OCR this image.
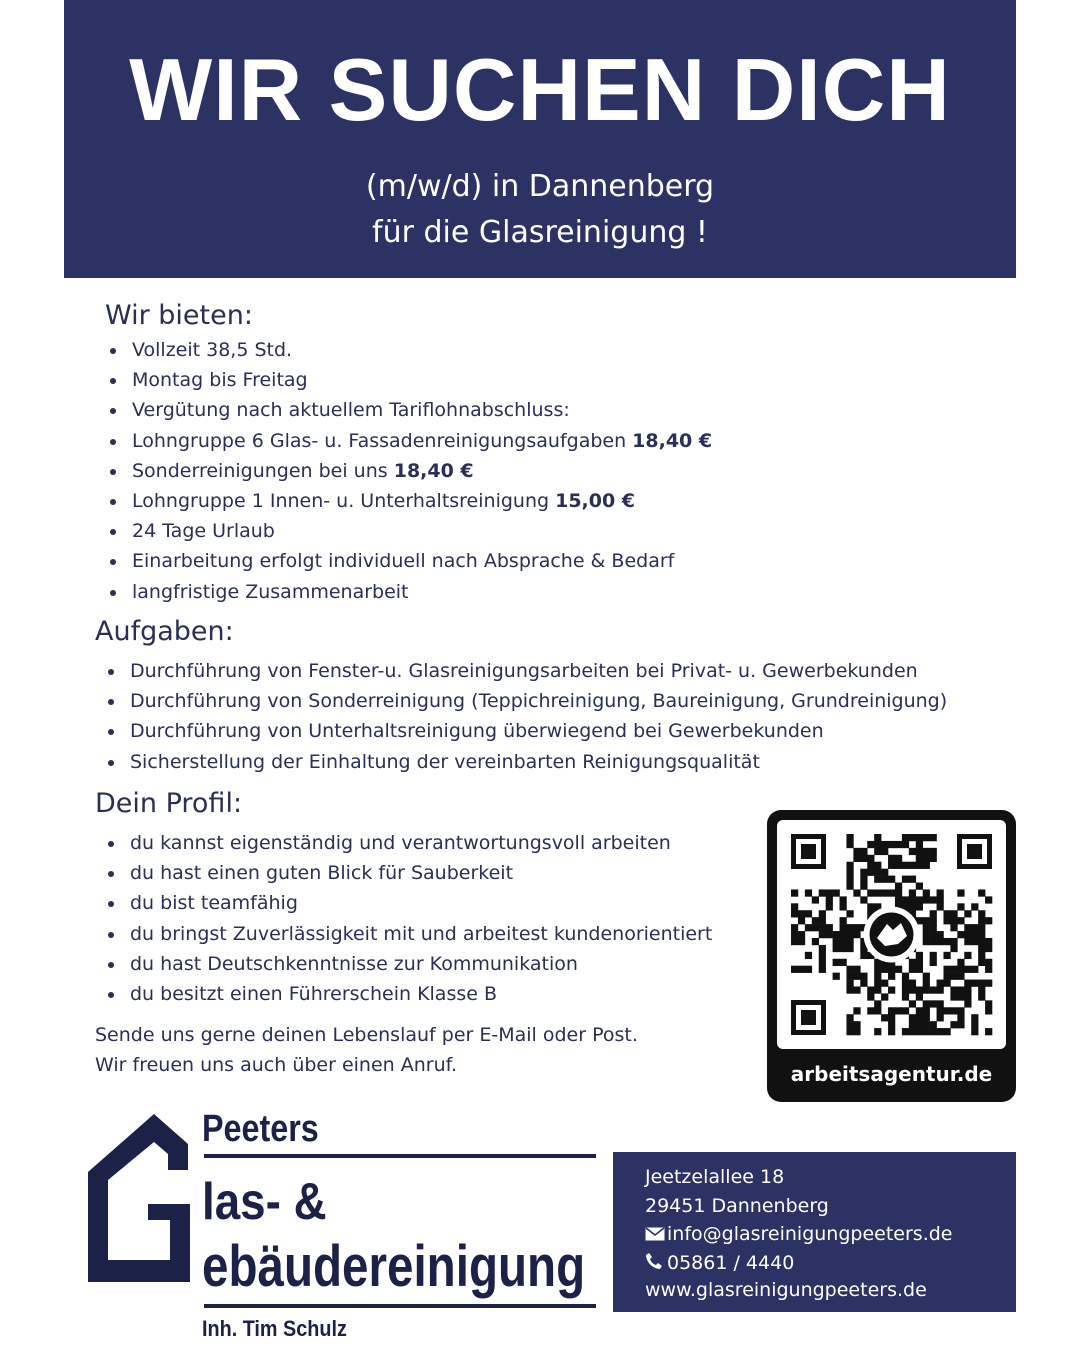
WIR SUCHEN DICH
(m/w/d) in Dannenberg
für die Glasreinigung !
Wir bieten:
Vollzeit 38,5 Std.
Montag bis Freitag
Vergütung nach aktuellem Tariflohnabschluss:
Lohngruppe 6 Glas- u. Fassadenreinigungsaufgaben 18,40 €
Sonderreinigungen bei uns 18,40 €
Lohngruppe 1 Innen- u. Unterhaltsreinigung 15,00 €
24 Tage Urlaub
Einarbeitung erfolgt individuell nach Absprache & Bedarf
langfristige Zusammenarbeit
Aufgaben:
Durchführung von Fenster-u. Glasreinigungsarbeiten bei Privat- u. Gewerbekunden
Durchführung von Sonderreinigung (Teppichreinigung, Baureinigung, Grundreinigung)
Durchführung von Unterhaltsreinigung überwiegend bei Gewerbekunden
Sicherstellung der Einhaltung der vereinbarten Reinigungsqualität
Dein Profil:
du kannst eigenständig und verantwortungsvoll arbeiten
du hast einen guten Blick für Sauberkeit
du bist teamfähig
du bringst Zuverlässigkeit mit und arbeitest kundenorientiert
du hast Deutschkenntnisse zur Kommunikation
du besitzt einen Führerschein Klasse B
Sende uns gerne deinen Lebenslauf per E-Mail oder Post.
Wir freuen uns auch über einen Anruf.	arbeitsagentur.de
Peeters
las- &
ebäudereinigung
Inh. Tim Schulz
Jeetzelallee 18
29451 Dannenberg
info@glasreinigungpeeters.de
05861 / 4440
www.glasreinigungpeeters.de
